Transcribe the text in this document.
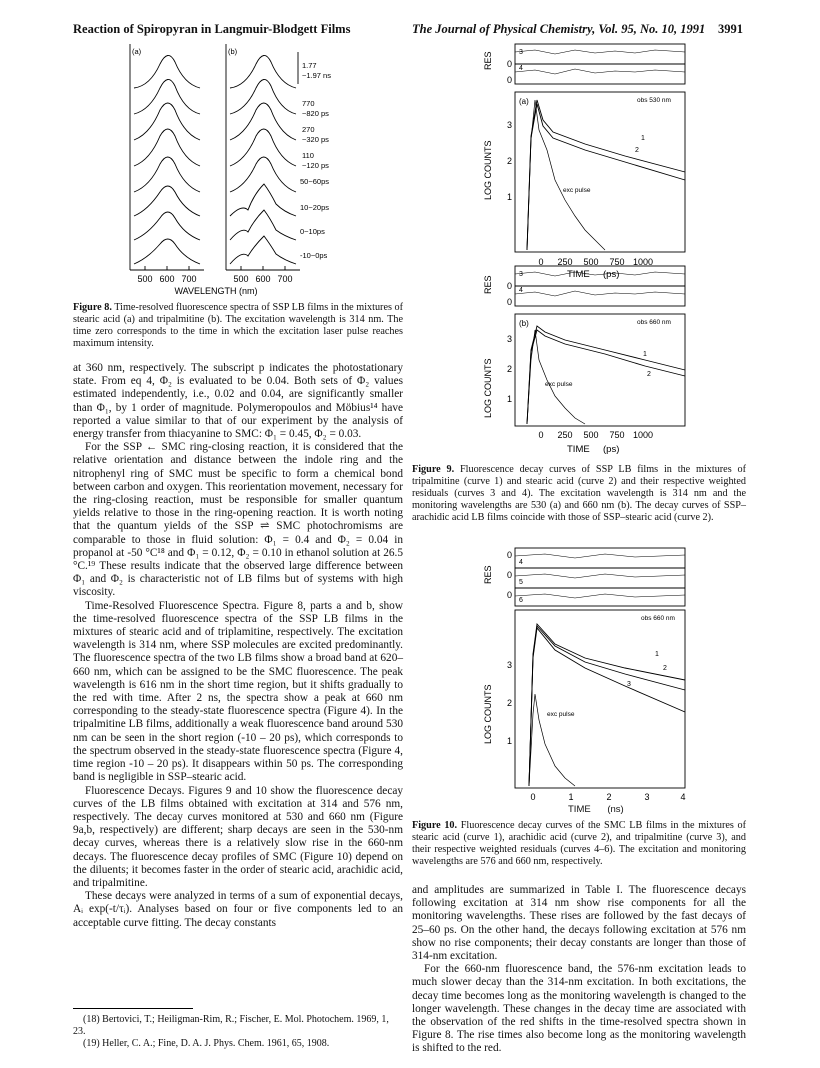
Reaction of Spiropyran in Langmuir-Blodgett Films	The Journal of Physical Chemistry, Vol. 95, No. 10, 1991 3991
(a)	(b)
1.77
~1.97 ns
770
~820 ps
270
~320 ps
110
~120 ps
50~60ps
10~20ps
0~10ps
-10~0ps
500 600 700	500 600 700
WAVELENGTH (nm)
Figure 8. Time-resolved fluorescence spectra of SSP LB films in the mixtures of stearic acid (a) and tripalmitine (b). The excitation wavelength is 314 nm. The time zero corresponds to the time in which the excitation laser pulse reaches maximum intensity.

at 360 nm, respectively. The subscript p indicates the photostationary state. From eq 4, Φ₂ is evaluated to be 0.04. Both sets of Φ₂ values estimated independently, i.e., 0.02 and 0.04, are significantly smaller than Φ₁, by 1 order of magnitude. Polymeropoulos and Möbius¹⁴ have reported a value similar to that of our experiment by the analysis of energy transfer from thiacyanine to SMC: Φ₁ = 0.45, Φ₂ = 0.03.

For the SSP ← SMC ring-closing reaction, it is considered that the relative orientation and distance between the indole ring and the nitrophenyl ring of SMC must be specific to form a chemical bond between carbon and oxygen. This reorientation movement, necessary for the ring-closing reaction, must be responsible for smaller quantum yields relative to those in the ring-opening reaction. It is worth noting that the quantum yields of the SSP ⇌ SMC photochromisms are comparable to those in fluid solution: Φ₁ = 0.4 and Φ₂ = 0.04 in propanol at -50 °C¹⁸ and Φ₁ = 0.12, Φ₂ = 0.10 in ethanol solution at 26.5 °C.¹⁹ These results indicate that the observed large difference between Φ₁ and Φ₂ is characteristic not of LB films but of systems with high viscosity.

Time-Resolved Fluorescence Spectra. Figure 8, parts a and b, show the time-resolved fluorescence spectra of the SSP LB films in the mixtures of stearic acid and of triplamitine, respectively. The excitation wavelength is 314 nm, where SSP molecules are excited predominantly. The fluorescence spectra of the two LB films show a broad band at 620–660 nm, which can be assigned to be the SMC fluorescence. The peak wavelength is 616 nm in the short time region, but it shifts gradually to the red with time. After 2 ns, the spectra show a peak at 660 nm corresponding to the steady-state fluorescence spectra (Figure 4). In the tripalmitine LB films, additionally a weak fluorescence band around 530 nm can be seen in the short region (-10 – 20 ps), which corresponds to the spectrum observed in the steady-state fluorescence spectra (Figure 4, time region -10 – 20 ps). It disappears within 50 ps. The corresponding band is negligible in SSP–stearic acid.

Fluorescence Decays. Figures 9 and 10 show the fluorescence decay curves of the LB films obtained with excitation at 314 and 576 nm, respectively. The decay curves monitored at 530 and 660 nm (Figure 9a,b, respectively) are different; sharp decays are seen in the 530-nm decay curves, whereas there is a relatively slow rise in the 660-nm decays. The fluorescence decay profiles of SMC (Figure 10) depend on the diluents; it becomes faster in the order of stearic acid, arachidic acid, and tripalmitine.

These decays were analyzed in terms of a sum of exponential decays, Aᵢ exp(-t/τᵢ). Analyses based on four or five components led to an acceptable curve fitting. The decay constants

(18) Bertovici, T.; Heiligman-Rim, R.; Fischer, E. Mol. Photochem. 1969, 1, 23.

(19) Heller, C. A.; Fine, D. A. J. Phys. Chem. 1961, 65, 1908.

RES 0
0
3
4
(a)	obs 530 nm
3
2
1
LOG COUNTS
1
2
exc pulse
0 250 500 750 1000
TIME (ps)
RES 0
0
3
4
(b)	obs 660 nm
3
2
1
LOG COUNTS
1
2
exc pulse
0 250 500 750 1000
TIME (ps)
Figure 9. Fluorescence decay curves of SSP LB films in the mixtures of tripalmitine (curve 1) and stearic acid (curve 2) and their respective weighted residuals (curves 3 and 4). The excitation wavelength is 314 nm and the monitoring wavelengths are 530 (a) and 660 nm (b). The decay curves of SSP–arachidic acid LB films coincide with those of SSP–stearic acid (curve 2).
RES
0
0
0
4
5
6
obs 660 nm
3
2
1
LOG COUNTS
1
2
3
exc pulse
0	1	2	3	4
TIME (ns)
Figure 10. Fluorescence decay curves of the SMC LB films in the mixtures of stearic acid (curve 1), arachidic acid (curve 2), and tripalmitine (curve 3), and their respective weighted residuals (curves 4–6). The excitation and monitoring wavelengths are 576 and 660 nm, respectively.

and amplitudes are summarized in Table I. The fluorescence decays following excitation at 314 nm show rise components for all the monitoring wavelengths. These rises are followed by the fast decays of 25–60 ps. On the other hand, the decays following excitation at 576 nm show no rise components; their decay constants are longer than those of 314-nm excitation.

For the 660-nm fluorescence band, the 576-nm excitation leads to much slower decay than the 314-nm excitation. In both excitations, the decay time becomes long as the monitoring wavelength is changed to the longer wavelength. These changes in the decay time are associated with the observation of the red shifts in the time-resolved spectra shown in Figure 8. The rise times also become long as the monitoring wavelength is shifted to the red.
